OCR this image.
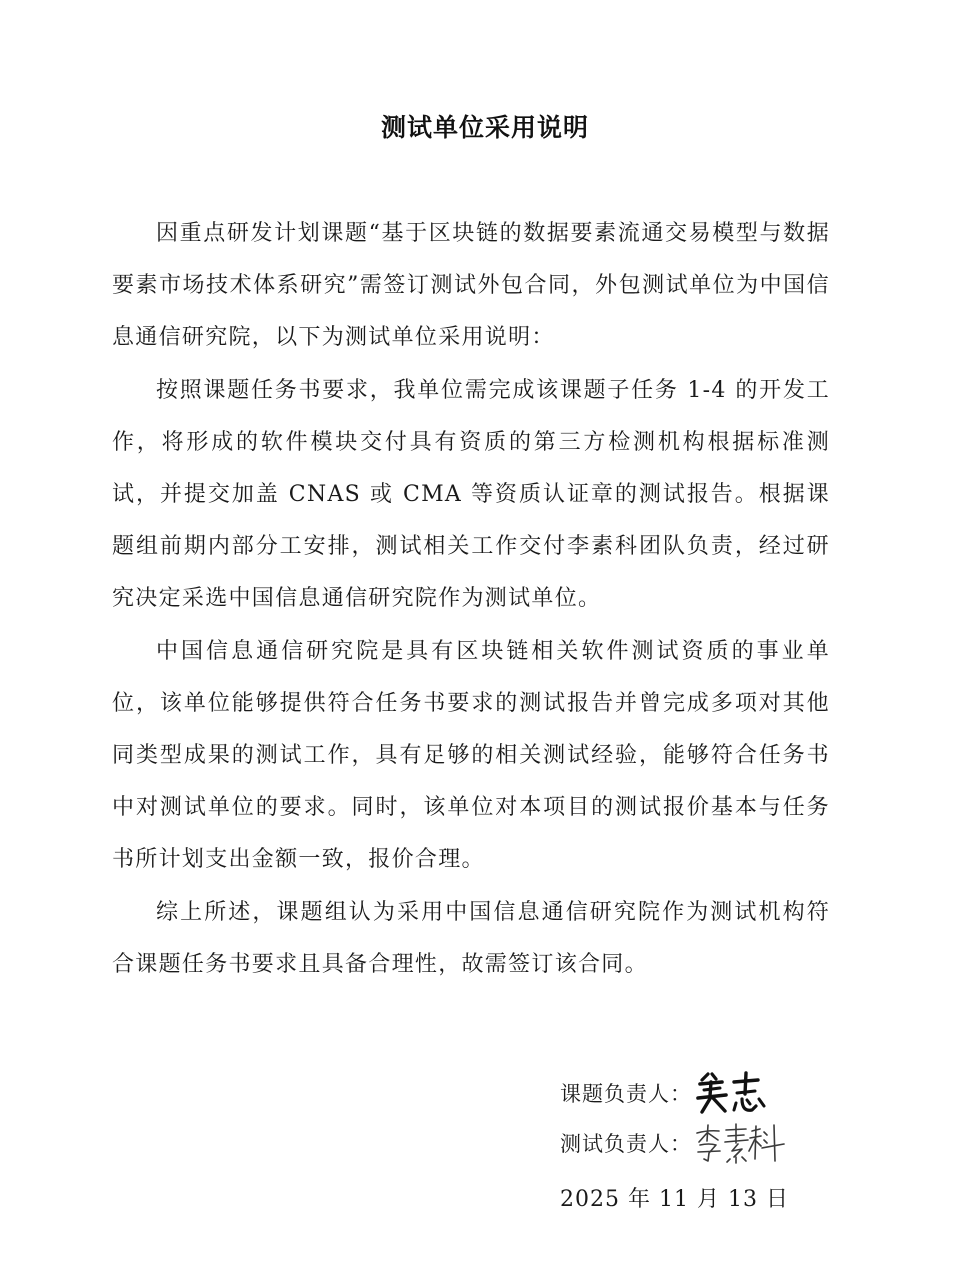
测试单位采用说明

因重点研发计划课题“基于区块链的数据要素流通交易模型与数据要素市场技术体系研究”需签订测试外包合同，外包测试单位为中国信息通信研究院，以下为测试单位采用说明：

按照课题任务书要求，我单位需完成该课题子任务 1-4 的开发工作，将形成的软件模块交付具有资质的第三方检测机构根据标准测试，并提交加盖 CNAS 或 CMA 等资质认证章的测试报告。根据课题组前期内部分工安排，测试相关工作交付李素科团队负责，经过研究决定采选中国信息通信研究院作为测试单位。

中国信息通信研究院是具有区块链相关软件测试资质的事业单位，该单位能够提供符合任务书要求的测试报告并曾完成多项对其他同类型成果的测试工作，具有足够的相关测试经验，能够符合任务书中对测试单位的要求。同时，该单位对本项目的测试报价基本与任务书所计划支出金额一致，报价合理。

综上所述，课题组认为采用中国信息通信研究院作为测试机构符合课题任务书要求且具备合理性，故需签订该合同。

课题负责人：
测试负责人：
2025 年 11 月 13 日
